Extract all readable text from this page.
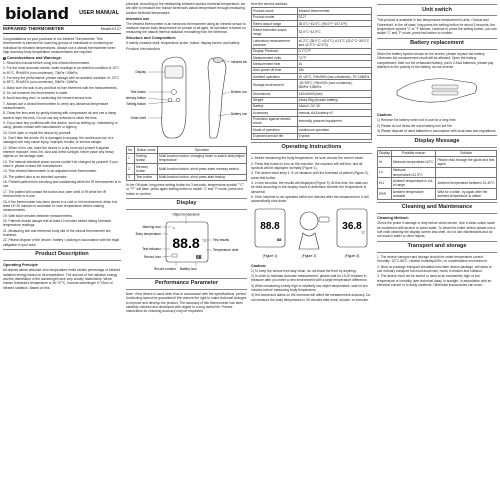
bioland USER MANUAL
INFRARED THERMOMETER	Model:E127

Congratulations on your purchase of our Infrared Thermometer. This thermometer is intended for scanning groups of individuals or monitoring an individual for elevated temperatures. Always use a clinical thermometer when high accuracy body temperature measurements are required.

! Considerations and Warnings:

1. Read this manual before using this infrared thermometer.

2. For the most accurate results, make readings in an ambient condition of 10°C to 40°C, RH≤95% (non-condense), 70kPa~106kPa.

3. For keep the performance, please storage with an ambient condition of -20°C to 55°C, RH≤93% (non-condense), 50kPa~106kPa.

4. Make sure the skin is dry and that no hair interferes with the measurements.

5. Do not immerse the thermometer in water.

6. Avoid touching and / or scratching the infrared sensor lens.

7. Always use a clinical thermometer to verify any abnormal temperature measurements.

8. Clean the lens area by gently blowing with compressed air and use a damp swab to wipe the lens. Do not use any solvents to clean the lens.

9. If you have any problems with this device, such as setting up, maintaining or using, please contact with manufacturer or agency.

10. Don't open or repair the device by yourself.

11. Don't take the device if it is damaged in anyway, the continuous use of a damaged unit may cause injury, improper results, or serious danger.

12. When not in use, store the device in a dry room and protect it against extreme moisture, heat, lint, dust and direct sunlight. Never place any heavy objects on the storage case.

13. The internal electrical power source couldn't be changed by yourself. If you need it, please contact the manufacturer.

14. This infrared thermometer is an adjusted mode thermometer.

15. The patient also is an intended operator.

16. Prohibit patient from servicing and maintaining while the IR thermometer is in use.

17. The patient will contact the button and outer shell of IR while the IR thermometer is in use.

18. If the thermometer has been stored in a cold or hot environment, allow it at least 15~20 minutes to acclimate to room temperature before making measurements.

19. Wait twice minutes between measurements.

20. Patients should always rest at least 10 minutes before taking forehead temperature readings.

21. Measuring site and reference body site of the clinical thermometer are forehead.

22. Please dispose of the device / battery / packing in accordance with the legal obligation in your area.

Product Description
Operating Principle

All objects above absolute zero temperature emits certain percentage of infrared radiation energy based on its temperature. The amount of the radiation energy and the distribution of the wavelength have very closely relationship. When human forehead's temperature is 36~37°C, it sends wavelength 9~13um of infrared radiation. Based on this

principle, according to the relationship between surface forehead temperature, we are able to measure the human forehead's actual temperature through measuring surface forehead temperature.

Intended use

The infrared thermometer is an electronic thermometer using an infrared sensor to measure human body temperature for people of all ages. Its operation is based on measuring the natural thermal radiation emanating from the forehead.

Structure and Composition:

It mainly contains shell, temperature probe, button, display screen and battery.

Product Introduction
Display
Test button
Memory button
Setting button
Outer shell
Infrared se
Bottom co
Battery co
No.	Button name	Operation
1	Setting button	Multi-function button, changing mode to switch body/object temperature
2	Memory button	Multi-function button, short press enter memory search
3	Test button	Multi-function button, short press start testing

In the Off state, long press setting button for 3 seconds, temperature symbol "°C" or "°F" will flash, press again setting button to switch °C and °F mode, press test button to confirm.

Display
☺
88.8 °C
88
Warning icon
Body temperature
Test indicator
Record icon
Object temperature
Test results
Temperature units
Record number Battery icon
Performance Parameter

Note: If the device is used other than in accordance with the specifications, perfect functioning cannot be guaranteed! We reserve the right to make technical changes to improve and develop the product. The accuracy of this thermometer has been carefully checked and developed with regard to a long useful life. Precise instructions for checking accuracy may be requested

from the service address.

Product name	Infrared thermometer
Product model	E127
Rated output range	35.0°C~42.0°C (95.0°F~107.6°F)
Rated extended output range	32.0°C~42.9°C
Laboratory measurement precision	±0.2°C (35.0°C~42.0°C) ±0.3°C (32.0°C~35.0°C and 42.0°C~42.9°C)
Display Precision	0.1°C/°F
Measurement units	°C/°F
Measurement time	1s
Auto power off time	15s
Ambient operation	10~40°C, RH≤95% (non-condense), 70~106kPa
Storage environment	-20~55°C, RH≤93% (non-condense), 50kPa~106kPa
Dimensions	140x40x52(mm)
Weight	About 85g (include battery)
Battery	AAAx2, DC 3V
Accessory	manual, AAA battery x2
Protection against electric shock	Internally powered equipment
Mode of operation	continuous operation
Expected service life	5 years
Operating Instructions

1. Before measuring the body temperature, be sure choose the correct mode.

2. Press test button to turn on the machine, the machine will self-test, and all symbols will be displayed normally (Figure 1).

3. The device must keep 1~5 cm distance with the forehead of patient (Figure 2), press test button.

4. In one seconds, the results will displayed (Figure 3). At this time, the data can be read according to the display result to determine whether the temperature is abnormal.

5. If the machine is not operated within ten minutes after the measurement, it will automatically shut down.

88.8
88
36.8
°C
(Figure 1)	(Figure 2)	(Figure 3)
Caution:

1) To keep the sensor lens stay clean, do not block the front by anything.

2) In order to maintain accurate measurement, please wait for 15-20 minutes to measure after you enter a new environment with a large temperature difference.

3) When measuring a fairly high or relatively low object temperature, wait for ten minutes before measuring body temperature.

4) Hot sweat and stains on the forehead will affect the measurement accuracy. Do not measure the body temperature in 30 minutes after meal, shower, or exercise.

Unit switch

This product is available in two temperature measurement units, Celsius and Fahrenheit. In the off state, long press the setting button for about 3 seconds, the temperature symbol °C or °F flashes, continue to press the setting button, you can switch °C and °F mode, press test button to confirm.

Battery replacement

When the battery symbol shows on the screen, please replace the battery. Otherwise the measurement result will be affected. Open the battery compartment, take out the exhausted battery, put in 2 AAA batteries, please pay attention to the polarity of the battery, do not reverse.

Caution:

1) Remove the battery when not in use for a long time.

2) Please do not throw the used battery into the fire.

3) Please dispose of used batteries in accordance with local laws and regulations.

Display Message
Display	Possible reason	Solution
Hi	Measure temperature>42°C	Please read through the guide and test again
Lo	Measure temperature<31.9°C	
Er1	Ambient temperature is out of range	Ambient temperature between 10-40°C
ERR	Ambient temperature unstable	Wait for a while, try again after the ambient temperature is stable
Cleaning and Maintenance
Cleaning Method:

Check the probe if damage or dirty before clean device. Use a clean cotton swab be moistened with alcohol or warm water. To clean the entire device please use a soft cloth cleaning the display screen and shell, do not use disinfectants and do not soak in water or other liquids.

Transport and storage

1. The device transport and storage should be under temperature control. Humidity -20°C-55°C, relative humidity≤93%, no condensation environment.

2. Must no package transport simulation test after device package, will allow to use ordinary transport but must avoid rain, moist, extrusion and collision.

3. The device must not be stored or used at an excessively high or low temperature or humidity (see technical data), in sunlight, in association with an electrical current or in dusty locations. Otherwise inaccuracies can occur.
